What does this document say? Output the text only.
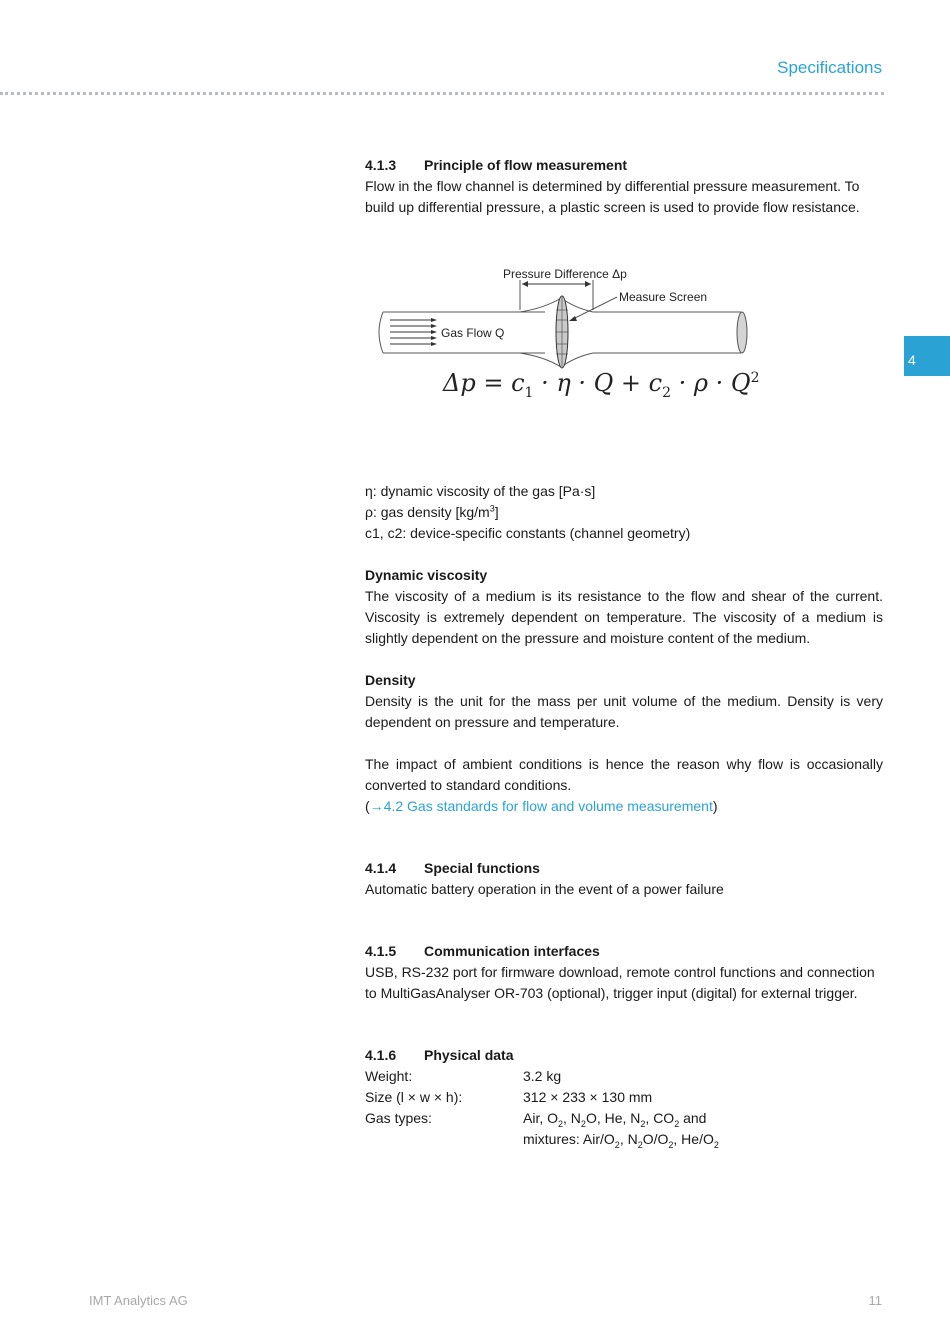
Specifications
4
4.1.3 Principle of flow measurement

Flow in the flow channel is determined by differential pressure measurement. To build up differential pressure, a plastic screen is used to provide flow resistance.

Pressure Difference Δp
Measure Screen
Gas Flow Q
$\Delta p = c_1 \cdot \eta \cdot Q + c_2 \cdot \rho \cdot Q^2$

η: dynamic viscosity of the gas [Pa·s]

ρ: gas density $[kg/m^3]$

c1, c2: device-specific constants (channel geometry)

Dynamic viscosity

The viscosity of a medium is its resistance to the flow and shear of the current. Viscosity is extremely dependent on temperature. The viscosity of a medium is slightly dependent on the pressure and moisture content of the medium.

Density

Density is the unit for the mass per unit volume of the medium. Density is very dependent on pressure and temperature.

The impact of ambient conditions is hence the reason why flow is occasionally converted to standard conditions.

(→4.2 Gas standards for flow and volume measurement)

4.1.4 Special functions

Automatic battery operation in the event of a power failure

4.1.5 Communication interfaces

USB, RS-232 port for firmware download, remote control functions and connection to MultiGasAnalyser OR-703 (optional), trigger input (digital) for external trigger.

4.1.6 Physical data
Weight:	3.2 kg
Size (l × w × h):	312 × 233 × 130 mm
Gas types:	Air, $O_2$, $N_2O$, He, $N_2$, $CO_2$ and
mixtures: Air/$O_2$, $N_2O/O_2$, $He/O_2$
IMT Analytics AG	11
